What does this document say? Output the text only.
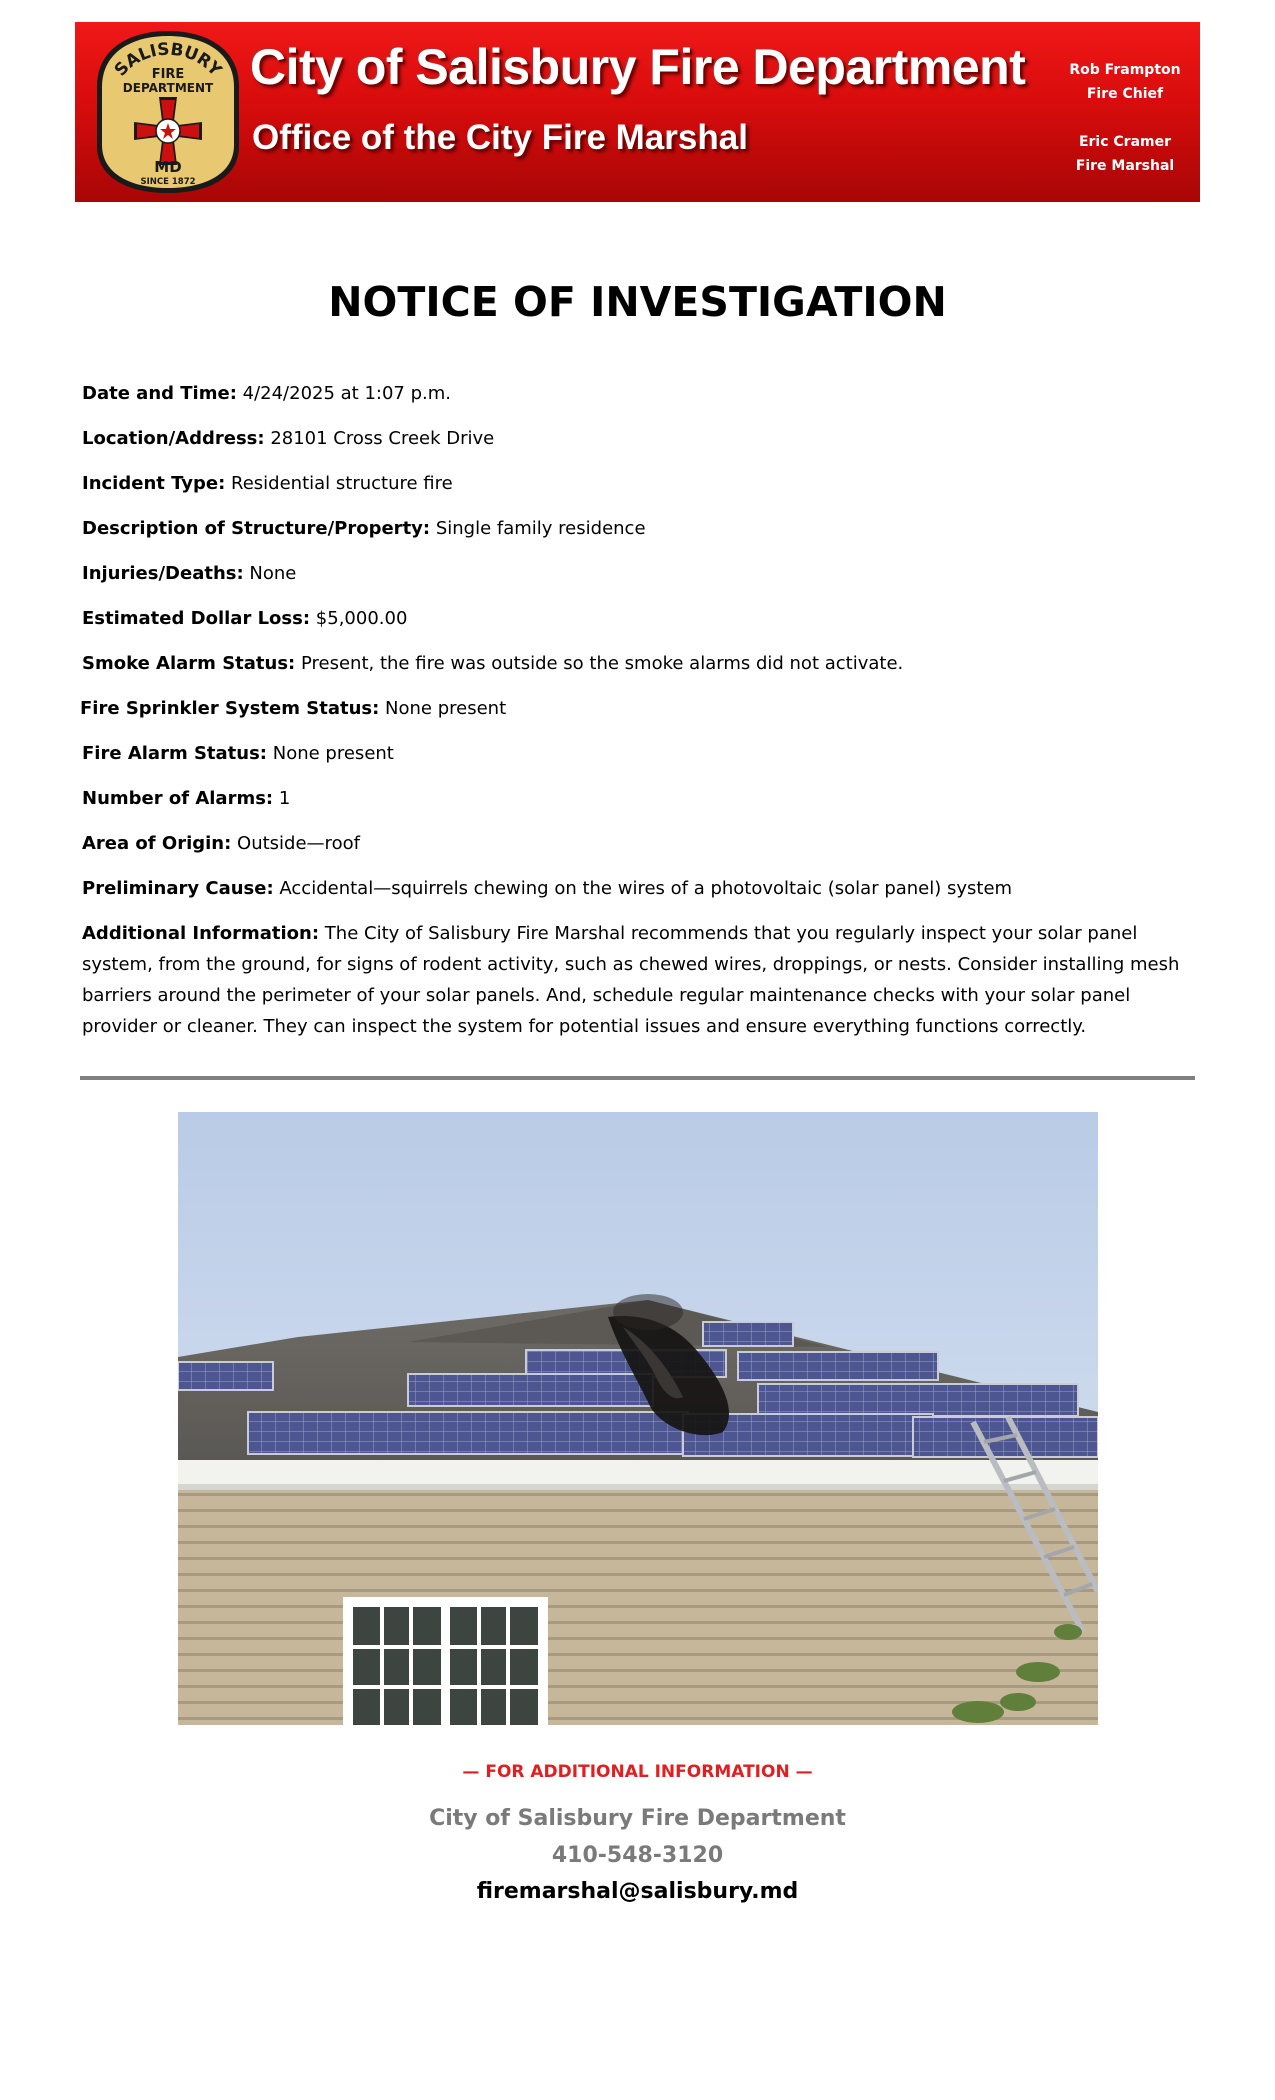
SALISBURY
FIRE
DEPARTMENT
MD
SINCE 1872
City of Salisbury Fire Department
Office of the City Fire Marshal
Rob Frampton
Fire Chief
Eric Cramer
Fire Marshal
NOTICE OF INVESTIGATION
Date and Time: 4/24/2025 at 1:07 p.m.
Location/Address: 28101 Cross Creek Drive
Incident Type: Residential structure fire
Description of Structure/Property: Single family residence
Injuries/Deaths: None
Estimated Dollar Loss: $5,000.00
Smoke Alarm Status: Present, the fire was outside so the smoke alarms did not activate.
Fire Sprinkler System Status: None present
Fire Alarm Status: None present
Number of Alarms: 1
Area of Origin: Outside—roof
Preliminary Cause: Accidental—squirrels chewing on the wires of a photovoltaic (solar panel) system
Additional Information: The City of Salisbury Fire Marshal recommends that you regularly inspect your solar panel system, from the ground, for signs of rodent activity, such as chewed wires, droppings, or nests. Consider installing mesh barriers around the perimeter of your solar panels. And, schedule regular maintenance checks with your solar panel provider or cleaner. They can inspect the system for potential issues and ensure everything functions correctly.
— FOR ADDITIONAL INFORMATION —
City of Salisbury Fire Department
410-548-3120
firemarshal@salisbury.md
